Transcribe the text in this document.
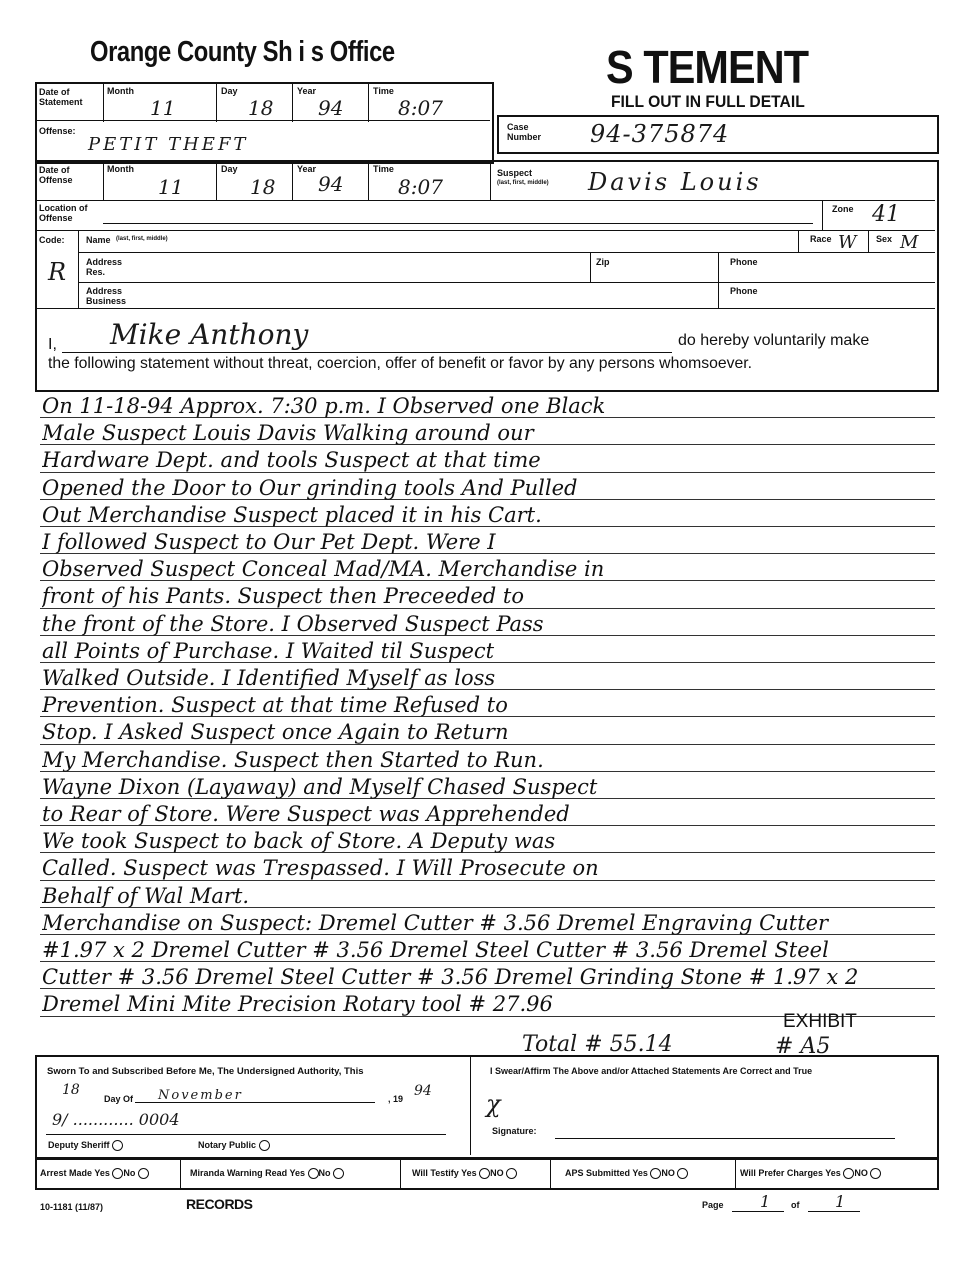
Orange County Sh i s Office	S TEMENT
FILL OUT IN FULL DETAIL
Date of Statement
Month
11
Day
18
Year
94
Time
8:07
Offense:
PETIT THEFT
Case Number	94-375874
Date of Offense
Month
11
Day
18
Year
94
Time
8:07
Suspect
(last, first, middle) Davis Louis
Location of Offense
Zone 41
Code:
R
Name (last, first, middle)	Race W Sex M
Address Res.
Zip	Phone
Address Business
Phone
I, Mike Anthony	do hereby voluntarily make
the following statement without threat, coercion, offer of benefit or favor by any persons whomsoever.
On 11-18-94 Approx. 7:30 p.m. I Observed one Black
Male Suspect Louis Davis Walking around our
Hardware Dept. and tools Suspect at that time
Opened the Door to Our grinding tools And Pulled
Out Merchandise Suspect placed it in his Cart.
I followed Suspect to Our Pet Dept. Were I
Observed Suspect Conceal Mad/MA. Merchandise in
front of his Pants. Suspect then Preceeded to
the front of the Store. I Observed Suspect Pass
all Points of Purchase. I Waited til Suspect
Walked Outside. I Identified Myself as loss
Prevention. Suspect at that time Refused to
Stop. I Asked Suspect once Again to Return
My Merchandise. Suspect then Started to Run.
Wayne Dixon (Layaway) and Myself Chased Suspect
to Rear of Store. Were Suspect was Apprehended
We took Suspect to back of Store. A Deputy was
Called. Suspect was Trespassed. I Will Prosecute on
Behalf of Wal Mart.
Merchandise on Suspect: Dremel Cutter # 3.56 Dremel Engraving Cutter
#1.97 x 2 Dremel Cutter # 3.56 Dremel Steel Cutter # 3.56 Dremel Steel
Cutter # 3.56 Dremel Steel Cutter # 3.56 Dremel Grinding Stone # 1.97 x 2
Dremel Mini Mite Precision Rotary tool # 27.96
Total # 55.14
EXHIBIT
# A5
Sworn To and Subscribed Before Me, The Undersigned Authority, This
18
Day Of November	, 19 94
9/ ............ 0004
Deputy Sheriff	Notary Public
I Swear/Affirm The Above and/or Attached Statements Are Correct and True
χ
Signature:
Arrest Made Yes No	Miranda Warning Read Yes No	Will Testify Yes NO	APS Submitted Yes NO	Will Prefer Charges Yes NO
10-1181 (11/87)	RECORDS	Page 1 of 1
